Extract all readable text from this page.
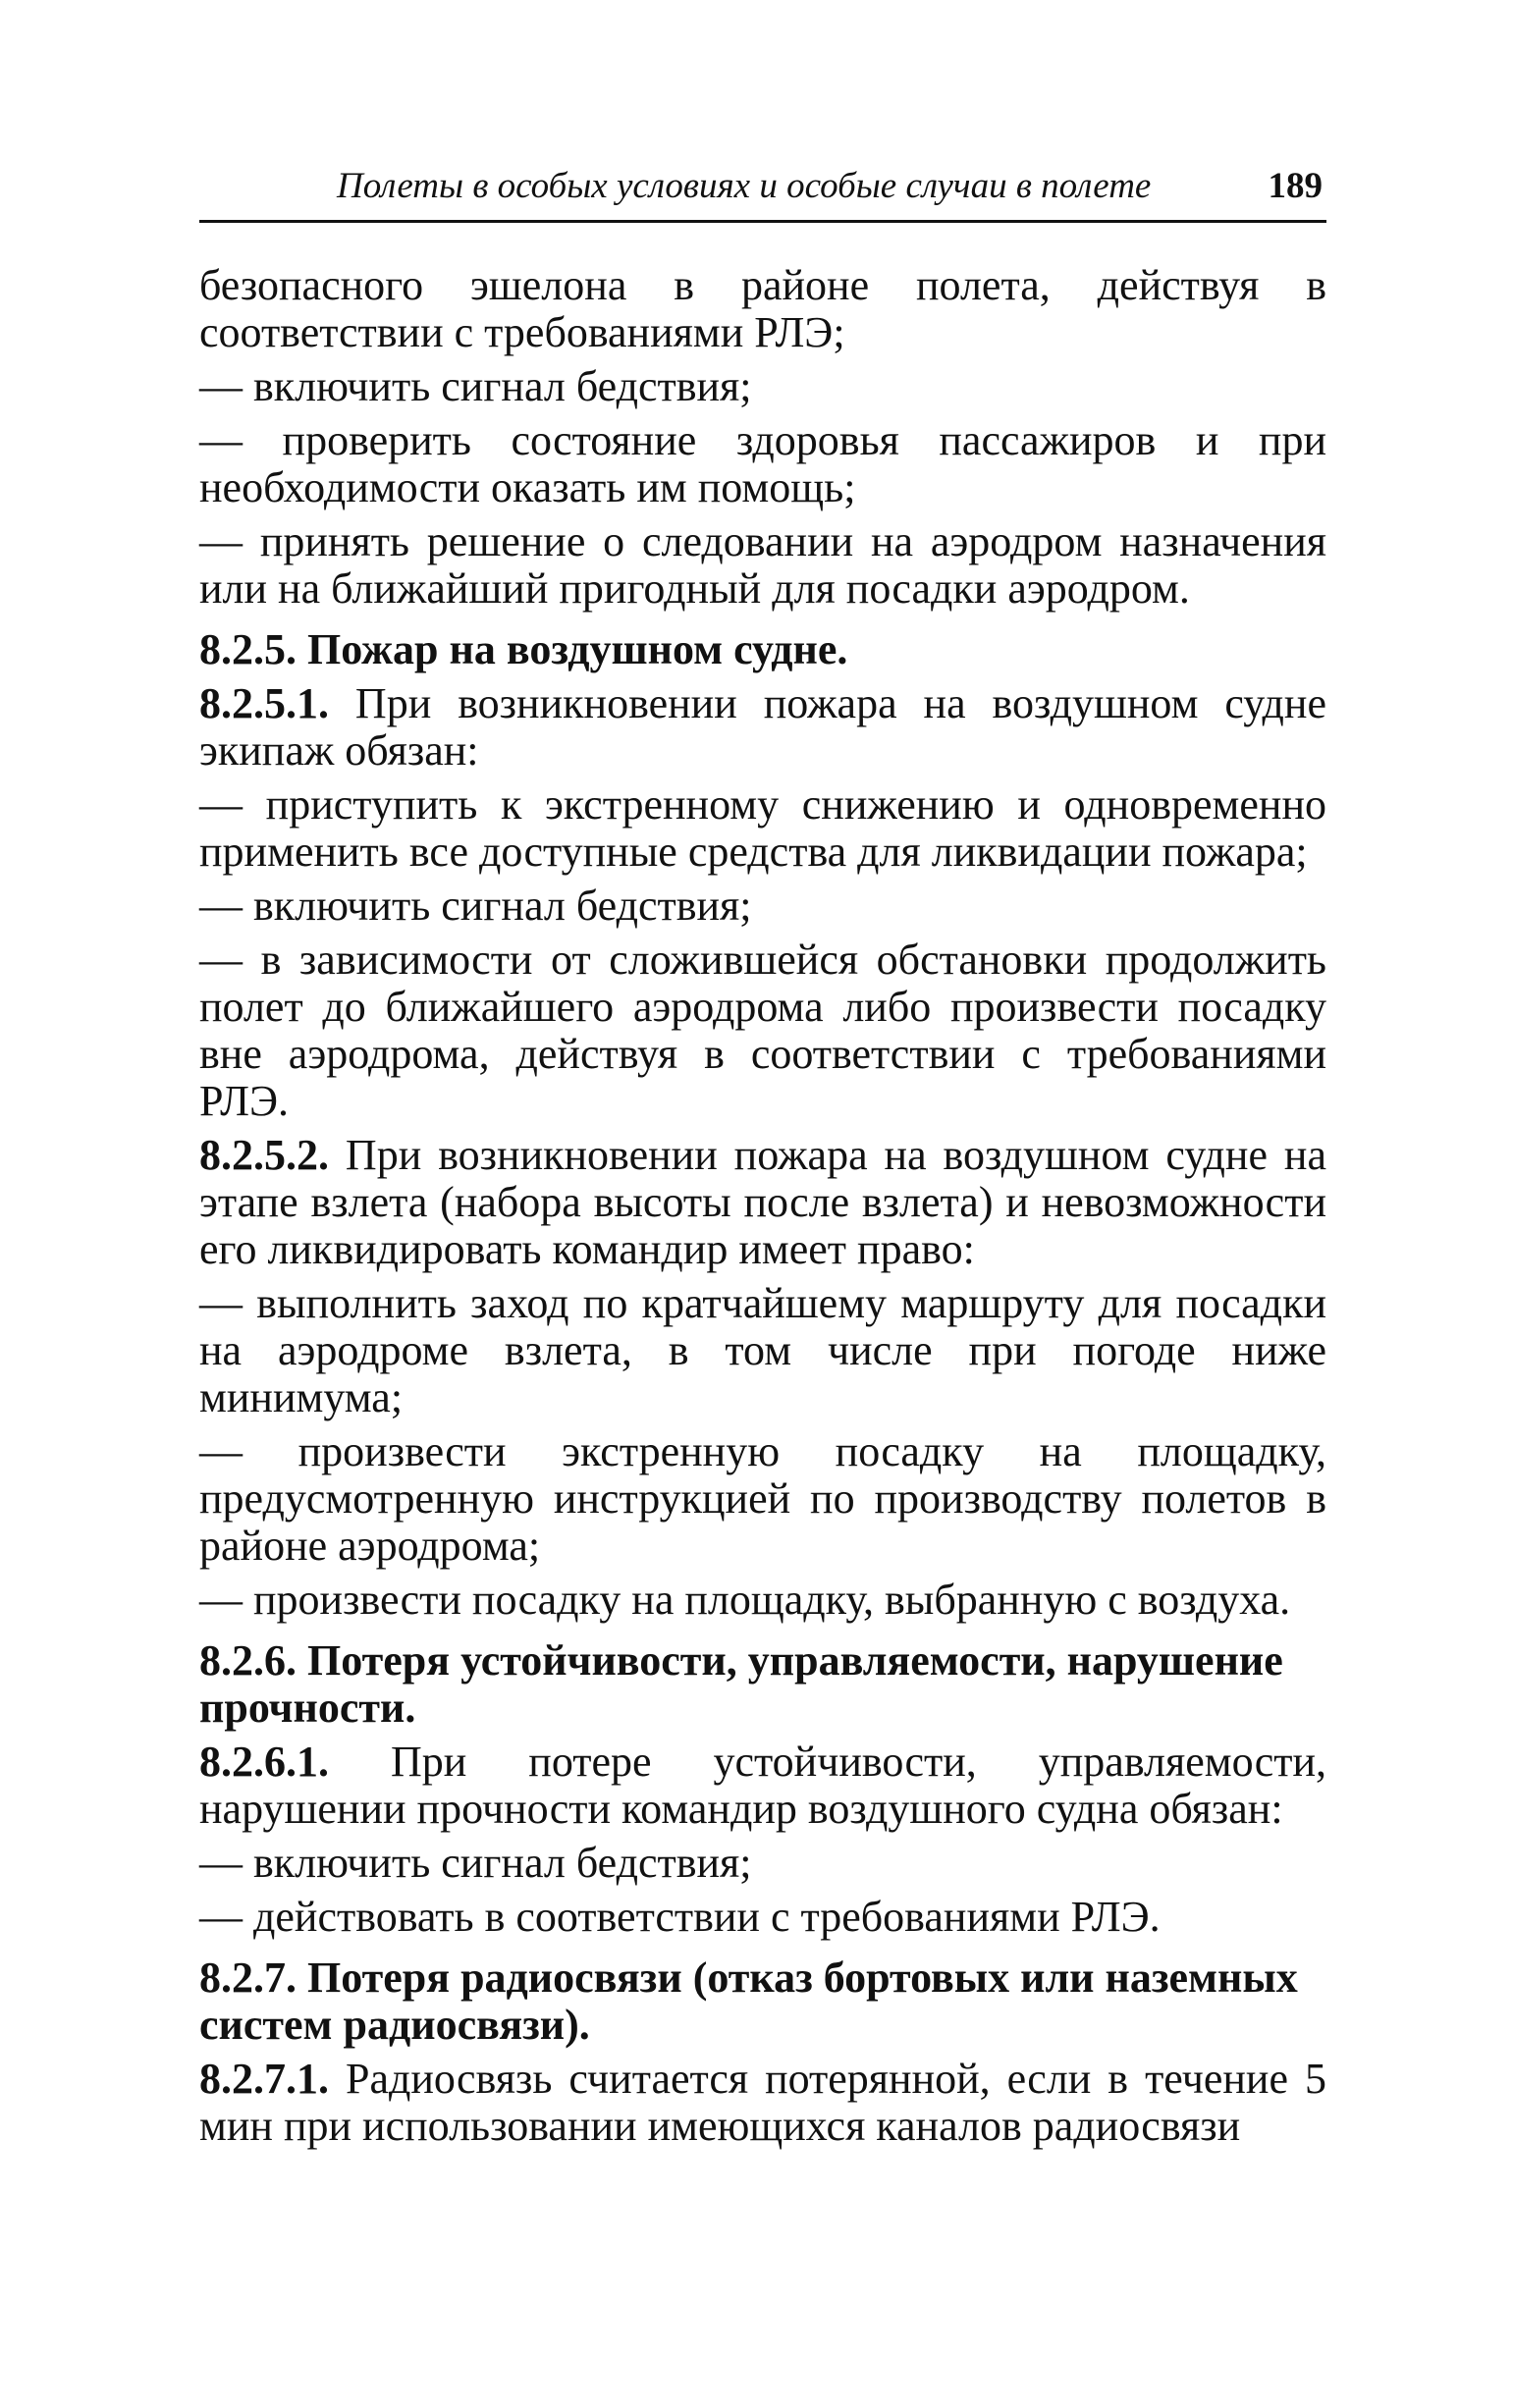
Полеты в особых условиях и особые случаи в полете	189

безопасного эшелона в районе полета, действуя в соответствии с требованиями РЛЭ;

— включить сигнал бедствия;

— проверить состояние здоровья пассажиров и при необходимости оказать им помощь;

— принять решение о следовании на аэродром назначения или на ближайший пригодный для посадки аэродром.

8.2.5. Пожар на воздушном судне.

8.2.5.1. При возникновении пожара на воздушном судне экипаж обязан:

— приступить к экстренному снижению и одновременно применить все доступные средства для ликвидации пожара;

— включить сигнал бедствия;

— в зависимости от сложившейся обстановки продолжить полет до ближайшего аэродрома либо произвести посадку вне аэродрома, действуя в соответствии с требованиями РЛЭ.

8.2.5.2. При возникновении пожара на воздушном судне на этапе взлета (набора высоты после взлета) и невозможности его ликвидировать командир имеет право:

— выполнить заход по кратчайшему маршруту для посадки на аэродроме взлета, в том числе при погоде ниже минимума;

— произвести экстренную посадку на площадку, предусмотренную инструкцией по производству полетов в районе аэродрома;

— произвести посадку на площадку, выбранную с воздуха.

8.2.6. Потеря устойчивости, управляемости, нарушение прочности.

8.2.6.1. При потере устойчивости, управляемости, нарушении прочности командир воздушного судна обязан:

— включить сигнал бедствия;

— действовать в соответствии с требованиями РЛЭ.

8.2.7. Потеря радиосвязи (отказ бортовых или наземных систем радиосвязи).

8.2.7.1. Радиосвязь считается потерянной, если в течение 5 мин при использовании имеющихся каналов радиосвязи
